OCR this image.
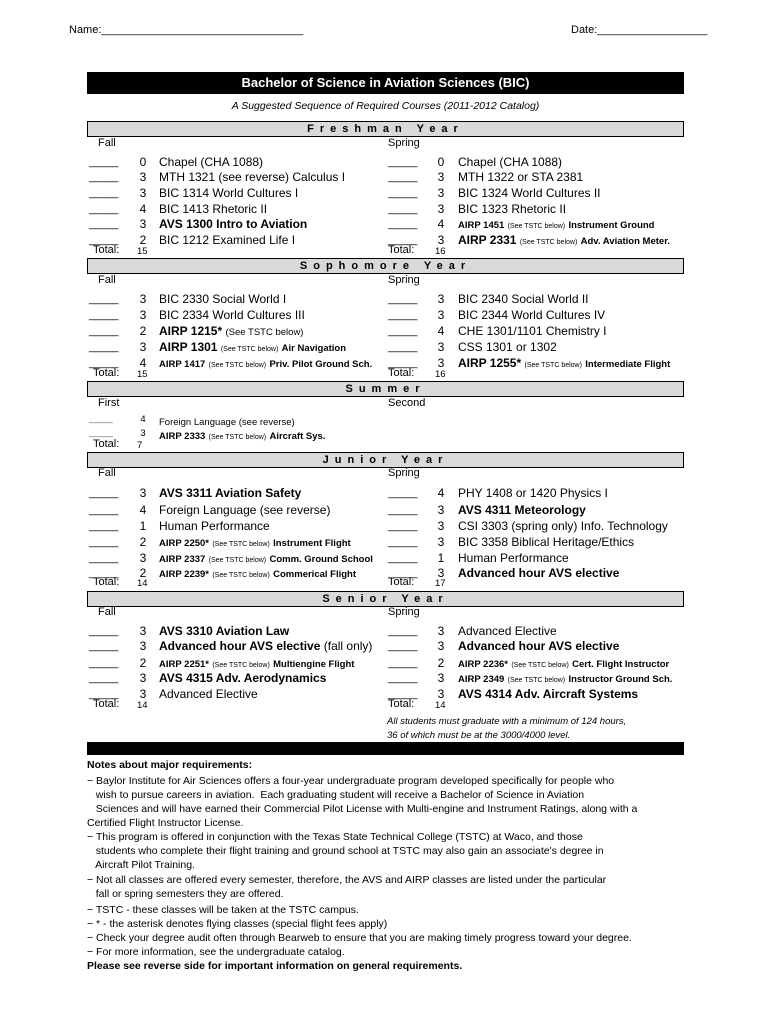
Name:_________________________________	Date:__________________
Bachelor of Science in Aviation Sciences (BIC)
A Suggested Sequence of Required Courses (2011-2012 Catalog)
Freshman Year
Fall	Spring
_____ 0 Chapel (CHA 1088)
_____ 3 MTH 1321 (see reverse) Calculus I
_____ 3 BIC 1314 World Cultures I
_____ 4 BIC 1413 Rhetoric II
_____ 3 AVS 1300 Intro to Aviation
_____ 2 BIC 1212 Examined Life I
_____ 0 Chapel (CHA 1088)
_____ 3 MTH 1322 or STA 2381
_____ 3 BIC 1324 World Cultures II
_____ 3 BIC 1323 Rhetoric II
_____ 4 AIRP 1451 (See TSTC below) Instrument Ground
_____ 3 AIRP 2331 (See TSTC below) Adv. Aviation Meter.
Total: 15	Total: 16
Sophomore Year
Fall	Spring
_____ 3 BIC 2330 Social World I
_____ 3 BIC 2334 World Cultures III
_____ 2 AIRP 1215* (See TSTC below)
_____ 3 AIRP 1301 (See TSTC below) Air Navigation
_____ 4 AIRP 1417 (See TSTC below) Priv. Pilot Ground Sch.
_____ 3 BIC 2340 Social World II
_____ 3 BIC 2344 World Cultures IV
_____ 4 CHE 1301/1101 Chemistry I
_____ 3 CSS 1301 or 1302
_____ 3 AIRP 1255* (See TSTC below) Intermediate Flight
Total: 15	Total: 16
Summer
First	Second
_____	4	Foreign Language (see reverse)
_____	3	AIRP 2333 (See TSTC below) Aircraft Sys.
Total: 7
Junior Year
Fall	Spring
_____ 3 AVS 3311 Aviation Safety
_____ 4 Foreign Language (see reverse)
_____ 1 Human Performance
_____ 2 AIRP 2250* (See TSTC below) Instrument Flight
_____ 3 AIRP 2337 (See TSTC below) Comm. Ground School
_____ 2 AIRP 2239* (See TSTC below) Commerical Flight
_____ 4 PHY 1408 or 1420 Physics I
_____ 3 AVS 4311 Meteorology
_____ 3 CSI 3303 (spring only) Info. Technology
_____ 3 BIC 3358 Biblical Heritage/Ethics
_____ 1 Human Performance
_____ 3 Advanced hour AVS elective
Total: 14	Total: 17
Senior Year
Fall	Spring
_____ 3 AVS 3310 Aviation Law
_____ 3 Advanced hour AVS elective (fall only)
_____ 2 AIRP 2251* (See TSTC below) Multiengine Flight
_____ 3 AVS 4315 Adv. Aerodynamics
_____ 3 Advanced Elective
_____ 3 Advanced Elective
_____ 3 Advanced hour AVS elective
_____ 2 AIRP 2236* (See TSTC below) Cert. Flight Instructor
_____ 3 AIRP 2349 (See TSTC below) Instructor Ground Sch.
_____ 3 AVS 4314 Adv. Aircraft Systems
Total: 14	Total: 14
All students must graduate with a minimum of 124 hours,
36 of which must be at the 3000/4000 level.
Notes about major requirements:
− Baylor Institute for Air Sciences offers a four-year undergraduate program developed specifically for people who
wish to pursue careers in aviation.  Each graduating student will receive a Bachelor of Science in Aviation
Sciences and will have earned their Commercial Pilot License with Multi-engine and Instrument Ratings, along with a
Certified Flight Instructor License.
− This program is offered in conjunction with the Texas State Technical College (TSTC) at Waco, and those
students who complete their flight training and ground school at TSTC may also gain an associate's degree in
Aircraft Pilot Training.
− Not all classes are offered every semester, therefore, the AVS and AIRP classes are listed under the particular
fall or spring semesters they are offered.
− TSTC - these classes will be taken at the TSTC campus.
− * - the asterisk denotes flying classes (special flight fees apply)
− Check your degree audit often through Bearweb to ensure that you are making timely progress toward your degree.
− For more information, see the undergraduate catalog.
Please see reverse side for important information on general requirements.
